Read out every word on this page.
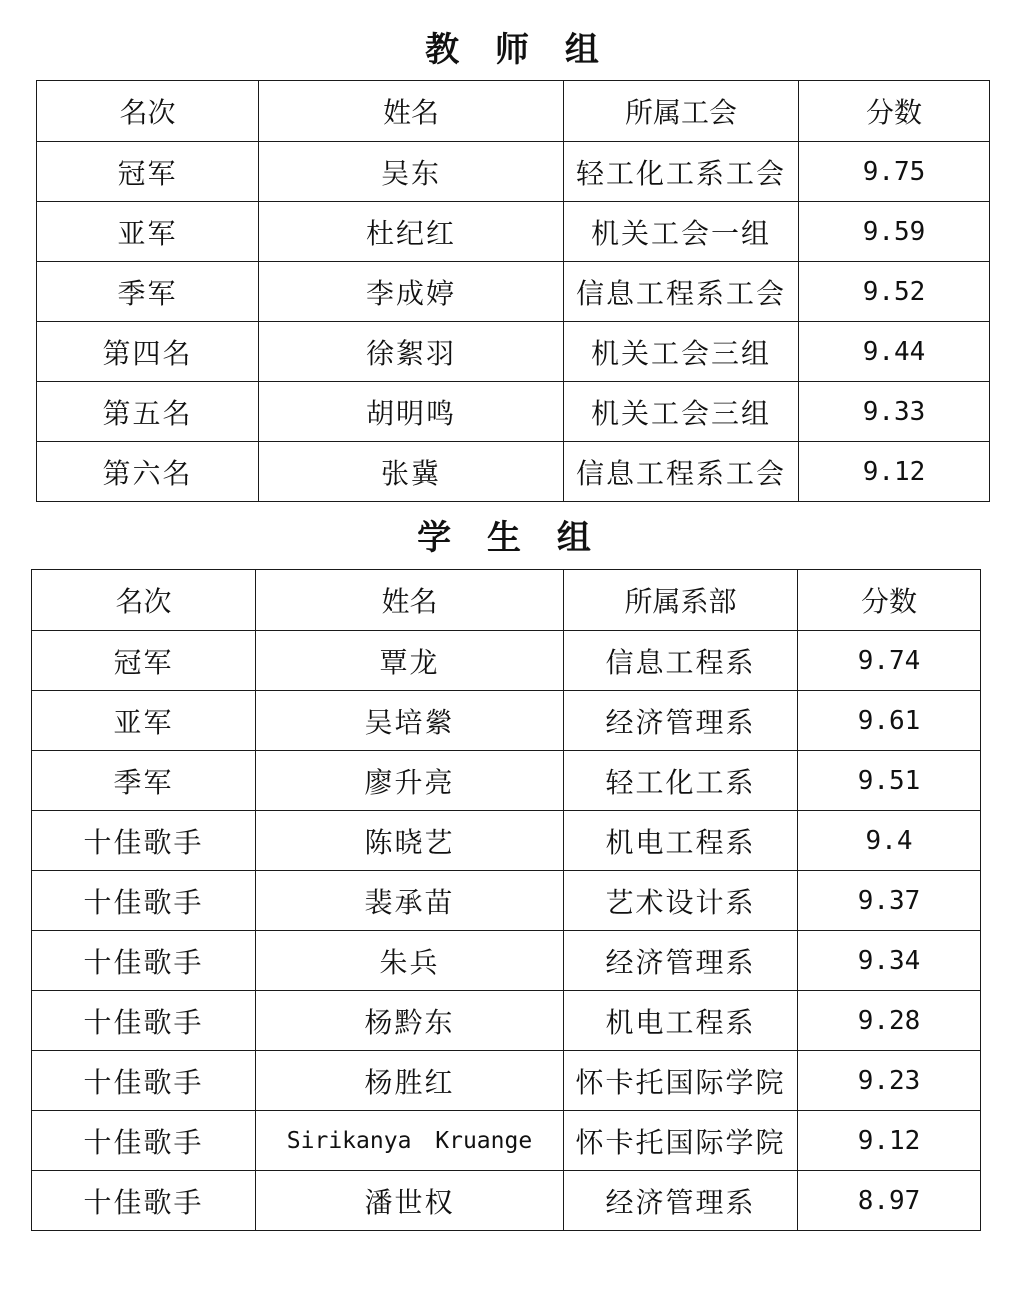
教 师 组
名次	姓名	所属工会	分数
冠军	吴东	轻工化工系工会	9.75
亚军	杜纪红	机关工会一组	9.59
季军	李成婷	信息工程系工会	9.52
第四名	徐絮羽	机关工会三组	9.44
第五名	胡明鸣	机关工会三组	9.33
第六名	张冀	信息工程系工会	9.12
学 生 组
名次	姓名	所属系部	分数
冠军	覃龙	信息工程系	9.74
亚军	吴培縈	经济管理系	9.61
季军	廖升亮	轻工化工系	9.51
十佳歌手	陈晓艺	机电工程系	9.4
十佳歌手	裴承苗	艺术设计系	9.37
十佳歌手	朱兵	经济管理系	9.34
十佳歌手	杨黔东	机电工程系	9.28
十佳歌手	杨胜红	怀卡托国际学院	9.23
十佳歌手	Sirikanya Kruange	怀卡托国际学院	9.12
十佳歌手	潘世权	经济管理系	8.97
